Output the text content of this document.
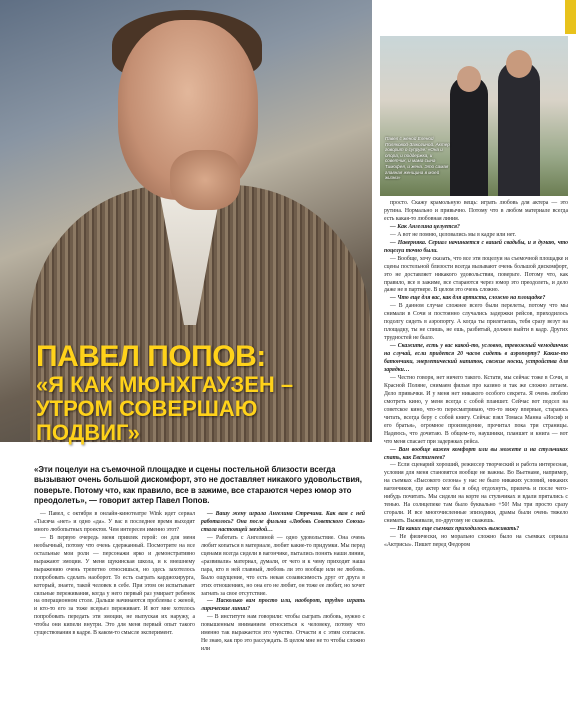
ПАВЕЛ ПОПОВ:
«Я КАК МЮНХГАУЗЕН –
УТРОМ СОВЕРШАЮ ПОДВИГ»
Павел с женой Еленой Поляковой-Зажогиной. Актер говорит о супруге: «Она и опора, и поддержка, и советчик, и мама сына Тимофея, и жена. Это самая главная женщина в моей жизни»
«Эти поцелуи на съемочной площадке и сцены постельной близости всегда вызывают очень большой дискомфорт, это не доставляет никакого удовольствия, поверьте. Потому что, как правило, все в зажиме, все стараются через юмор это преодолеть», — говорит актер Павел Попов.

— Павел, с октября в онлайн-кинотеатре Wink идет сериал «Тысяча «нет» и одно «да». У вас в последнее время выходит много любопытных проектов. Чем интересен именно этот?

— В первую очередь меня привлек герой: он для меня необычный, потому что очень сдержанный. Посмотрите на все остальные мои роли — персонажи ярко и демонстративно выражают эмоции. У меня щукинская школа, и к внешнему выражению очень трепетно относишься, но здесь захотелось попробовать сделать наоборот. То есть сыграть кардиохирурга, который, знаете, такой человек в себе. При этом он испытывает сильные переживания, когда у него первый раз умирает ребенок на операционном столе. Дальше начинаются проблемы с женой, и кто-то его за тоже всерьез переживает. И вот мне хотелось попробовать передать эти эмоции, не выпуская их наружу, а чтобы они кипели внутри. Это для меня первый опыт такого существования в кадре. В каком-то смысле эксперимент.

— Вашу жену играла Ангелина Стречина. Как вам с ней работалось? Она после фильма «Любовь Советского Союза» стала настоящей звездой…

— Работать с Ангелиной — одно удовольствие. Она очень любит копаться в материале, любит какие-то придумки. Мы перед сценами всегда сидели в вагончике, пытались понять наши линии, «развивали» материал, думали, от чего и к чему приходит наша пара, кто в ней главный, любовь ли это вообще или не любовь. Было ощущение, что есть некая созависимость друг от друга в этих отношениях, но она его не любит, он тоже ее любит, но хочет загнать за свое отсутствие.

— Насколько вам просто или, наоборот, трудно играть лирические линии?

— В институте нам говорили: чтобы сыграть любовь, нужно с повышенным вниманием относиться к человеку, потому что именно так выражается это чувство. Отчасти я с этим согласен. Не знаю, как про это рассуждать. В целом мне не то чтобы сложно или

просто. Скажу крамольную вещь: играть любовь для актера — это рутина. Нормально и привычно. Потому что в любом материале всегда есть какая-то любовная линия.

— Как Ангелина целуется?

— А вот не помню, целовались мы в кадре или нет.

— Наверняка. Сериал начинается с вашей свадьбы, и я думаю, что поцелуи точно были.

— Вообще, хочу сказать, что все эти поцелуи на съемочной площадке и сцены постельной близости всегда вызывают очень большой дискомфорт, это не доставляет никакого удовольствия, поверьте. Потому что, как правило, все в зажиме, все стараются через юмор это преодолеть, и дело даже не в партнере. В целом это очень сложно.

— Что еще для вас, как для артиста, сложно на площадке?

— В данном случае сложнее всего были перелеты, потому что мы снимали в Сочи и постоянно случались задержки рейсов, приходилось подолгу сидеть в аэропорту. А когда ты прилетаешь, тебя сразу везут на площадку, ты не спишь, не ешь, разбитый, должен выйти в кадр. Других трудностей не было.

— Скажите, есть у вас какой-то, условно, тревожный чемоданчик на случай, если придется 20 часов сидеть в аэропорту? Какие-то батончики, энергетический напиток, свежие носки, устройства для зарядки…

— Честно говоря, нет ничего такого. Кстати, мы сейчас тоже в Сочи, в Красной Поляне, снимаем фильм про казино и так же сложно летаем. Дело привычки. И у меня нет никакого особого секрета. Я очень люблю смотреть кино, у меня всегда с собой планшет. Сейчас вот подсел на советское кино, что-то пересматриваю, что-то вижу впервые, стараюсь читать, всегда беру с собой книгу. Сейчас взял Томаса Манна «Иосиф и его братья», огромное произведение, прочитал пока три страницы. Надеюсь, что дочитаю. В общем-то, наушники, планшет и книга — вот что меня спасает при задержках рейса.

— Вам вообще важен комфорт или вы можете и на стульчиках спать, как Евстигнеев?

— Если сценарий хороший, режиссер творческий и работа интересная, условия для меня становятся вообще не важны. Во Вьетнаме, например, на съемках «Высокого сезона» у нас не было никаких условий, никаких вагончиков, где актер мог бы в обед отдохнуть, прилечь и после чего-нибудь почитать. Мы сидели на корте на стульчиках и вдали прятались с тенью. На солнцепеке там было буквально +50! Мы три просто сразу сгорали. И все многочисленные эпизодики, драмы были очень тяжело снимать. Выживали, по-другому не скажешь.

— На каких еще съемках приходилось выживать?

— Не физически, но морально сложно было на съемках сериала «Актрисы». Пишет перед Федором
